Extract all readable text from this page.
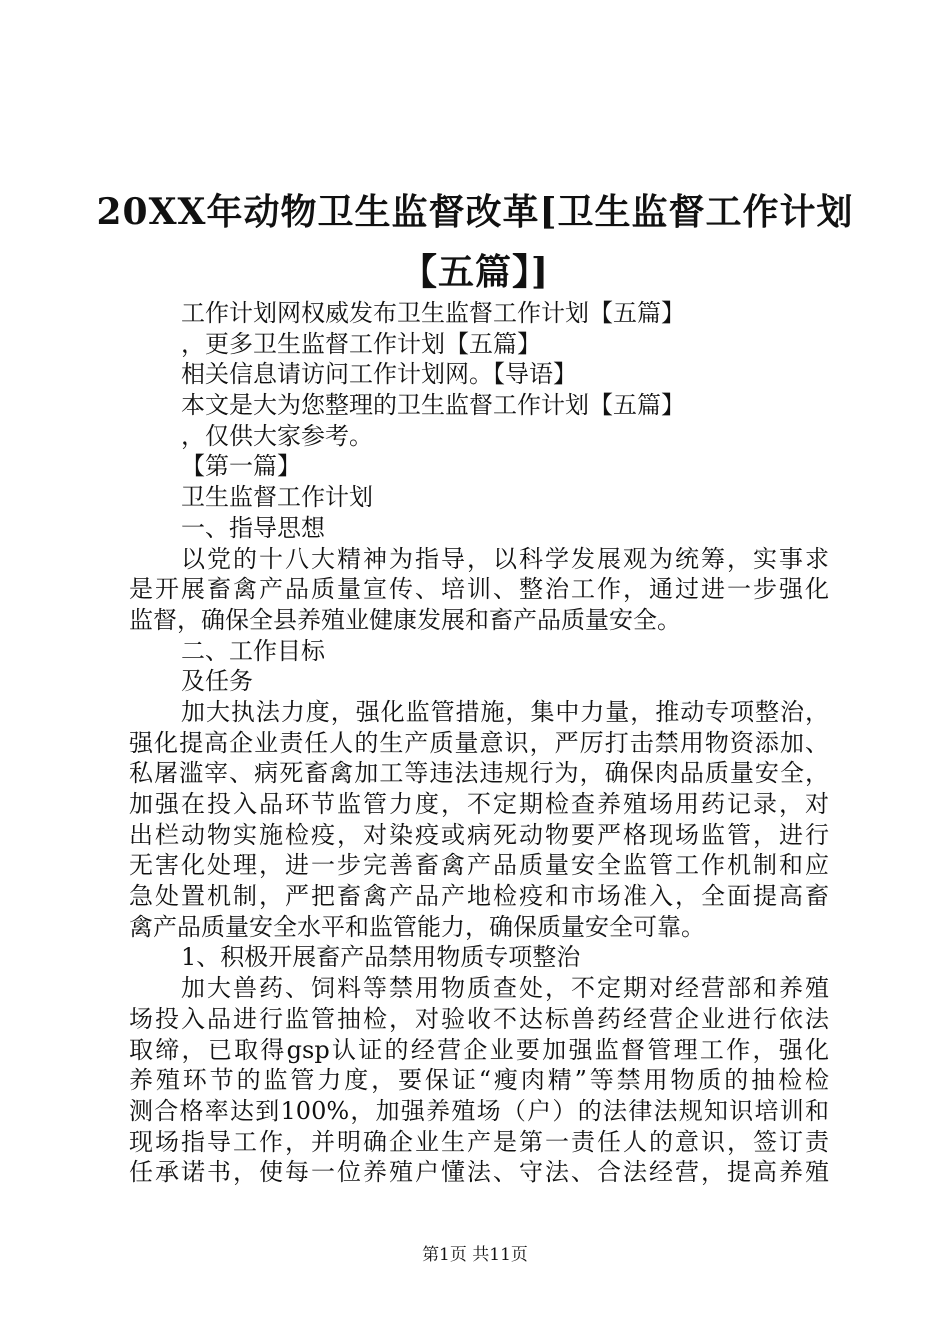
20XX年动物卫生监督改革[卫生监督工作计划
【五篇】]
工作计划网权威发布卫生监督工作计划【五篇】
，更多卫生监督工作计划【五篇】
相关信息请访问工作计划网。【导语】
本文是大为您整理的卫生监督工作计划【五篇】
，仅供大家参考。
【第一篇】
卫生监督工作计划
一、指导思想
以党的十八大精神为指导，以科学发展观为统筹，实事求
是开展畜禽产品质量宣传、培训、整治工作，通过进一步强化
监督，确保全县养殖业健康发展和畜产品质量安全。
二、工作目标
及任务
加大执法力度，强化监管措施，集中力量，推动专项整治，
强化提高企业责任人的生产质量意识，严厉打击禁用物资添加、
私屠滥宰、病死畜禽加工等违法违规行为，确保肉品质量安全，
加强在投入品环节监管力度，不定期检查养殖场用药记录，对
出栏动物实施检疫，对染疫或病死动物要严格现场监管，进行
无害化处理，进一步完善畜禽产品质量安全监管工作机制和应
急处置机制，严把畜禽产品产地检疫和市场准入，全面提高畜
禽产品质量安全水平和监管能力，确保质量安全可靠。
1、积极开展畜产品禁用物质专项整治
加大兽药、饲料等禁用物质查处，不定期对经营部和养殖
场投入品进行监管抽检，对验收不达标兽药经营企业进行依法
取缔，已取得gsp认证的经营企业要加强监督管理工作，强化
养殖环节的监管力度，要保证“瘦肉精”等禁用物质的抽检检
测合格率达到100%，加强养殖场（户）的法律法规知识培训和
现场指导工作，并明确企业生产是第一责任人的意识，签订责
任承诺书，使每一位养殖户懂法、守法、合法经营，提高养殖
第1页 共11页
